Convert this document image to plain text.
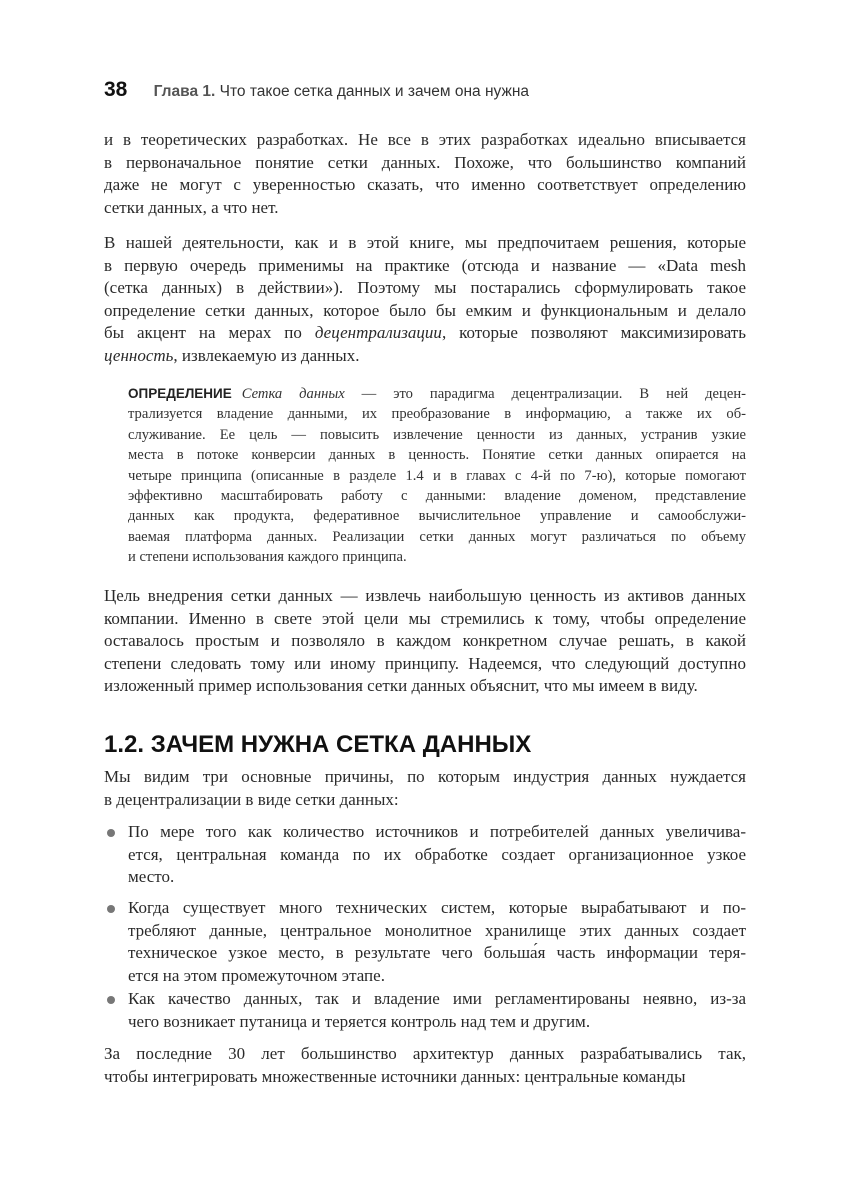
38 Глава 1. Что такое сетка данных и зачем она нужна
и в теоретических разработках. Не все в этих разработках идеально вписывается
в первоначальное понятие сетки данных. Похоже, что большинство компаний
даже не могут с уверенностью сказать, что именно соответствует определению
сетки данных, а что нет.
В нашей деятельности, как и в этой книге, мы предпочитаем решения, которые
в первую очередь применимы на практике (отсюда и название — «Data mesh
(сетка данных) в действии»). Поэтому мы постарались сформулировать такое
определение сетки данных, которое было бы емким и функциональным и делало
бы акцент на мерах по децентрализации, которые позволяют максимизировать
ценность, извлекаемую из данных.
ОПРЕДЕЛЕНИЕ Сетка данных — это парадигма децентрализации. В ней децен-
трализуется владение данными, их преобразование в информацию, а также их об-
служивание. Ее цель — повысить извлечение ценности из данных, устранив узкие
места в потоке конверсии данных в ценность. Понятие сетки данных опирается на
четыре принципа (описанные в разделе 1.4 и в главах с 4-й по 7-ю), которые помогают
эффективно масштабировать работу с данными: владение доменом, представление
данных как продукта, федеративное вычислительное управление и самообслужи-
ваемая платформа данных. Реализации сетки данных могут различаться по объему
и степени использования каждого принципа.
Цель внедрения сетки данных — извлечь наибольшую ценность из активов данных
компании. Именно в свете этой цели мы стремились к тому, чтобы определение
оставалось простым и позволяло в каждом конкретном случае решать, в какой
степени следовать тому или иному принципу. Надеемся, что следующий доступно
изложенный пример использования сетки данных объяснит, что мы имеем в виду.
1.2. ЗАЧЕМ НУЖНА СЕТКА ДАННЫХ
Мы видим три основные причины, по которым индустрия данных нуждается
в децентрализации в виде сетки данных:
По мере того как количество источников и потребителей данных увеличива-
ется, центральная команда по их обработке создает организационное узкое
место.
Когда существует много технических систем, которые вырабатывают и по-
требляют данные, центральное монолитное хранилище этих данных создает
техническое узкое место, в результате чего больша́я часть информации теря-
ется на этом промежуточном этапе.
Как качество данных, так и владение ими регламентированы неявно, из-за
чего возникает путаница и теряется контроль над тем и другим.
За последние 30 лет большинство архитектур данных разрабатывались так,
чтобы интегрировать множественные источники данных: центральные команды
